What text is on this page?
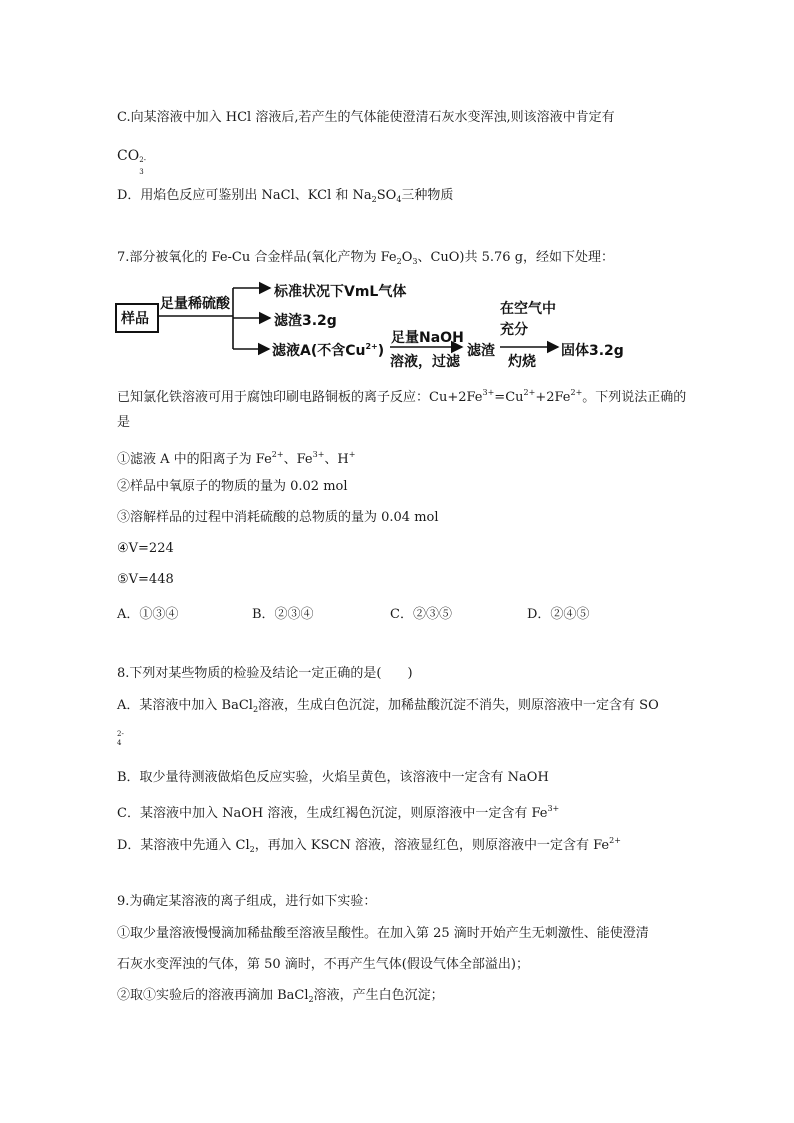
C.向某溶液中加入 HCl 溶液后,若产生的气体能使澄清石灰水变浑浊,则该溶液中肯定有
CO 2-
3
D．用焰色反应可鉴别出 NaCl、KCl 和 $Na_2SO_4$三种物质
7.部分被氧化的 Fe-Cu 合金样品(氧化产物为 $Fe_2O_3$、CuO)共 5.76 g，经如下处理：
样品
足量稀硫酸
标准状况下VmL气体
滤渣3.2g
滤液A(不含$Cu^{2+}$)
足量NaOH
溶液，过滤
滤渣
在空气中
充分
灼烧
固体3.2g
已知氯化铁溶液可用于腐蚀印刷电路铜板的离子反应：$Cu+2Fe^{3+}=Cu^{2+}+2Fe^{2+}$。下列说法正确的
是
①滤液 A 中的阳离子为 $Fe^{2+}$、$Fe^{3+}$、H+
②样品中氧原子的物质的量为 0.02 mol
③溶解样品的过程中消耗硫酸的总物质的量为 0.04 mol
④V=224
⑤V=448
A．①③④	B．②③④	C．②③⑤	D．②④⑤
8.下列对某些物质的检验及结论一定正确的是(　　)
A．某溶液中加入 BaCl$_2$溶液，生成白色沉淀，加稀盐酸沉淀不消失，则原溶液中一定含有 SO
2-
4
B．取少量待测液做焰色反应实验，火焰呈黄色，该溶液中一定含有 NaOH
C．某溶液中加入 NaOH 溶液，生成红褐色沉淀，则原溶液中一定含有 $Fe^{3+}$
D．某溶液中先通入 $Cl_2$，再加入 KSCN 溶液，溶液显红色，则原溶液中一定含有 $Fe^{2+}$
9.为确定某溶液的离子组成，进行如下实验：
①取少量溶液慢慢滴加稀盐酸至溶液呈酸性。在加入第 25 滴时开始产生无刺激性、能使澄清
石灰水变浑浊的气体，第 50 滴时，不再产生气体(假设气体全部溢出)；
②取①实验后的溶液再滴加 BaCl$_2$溶液，产生白色沉淀；
